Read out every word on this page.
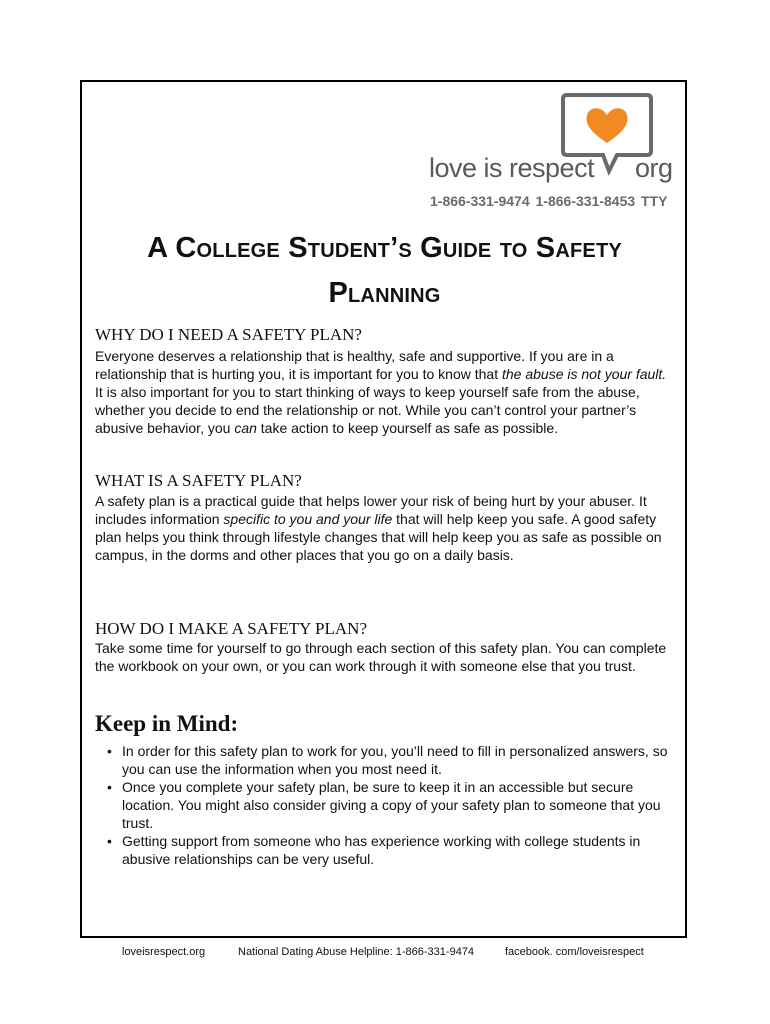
love is respect org
1-866-331-9474 1-866-331-8453 TTY
A College Student’s Guide to Safety
Planning
WHY DO I NEED A SAFETY PLAN?
Everyone deserves a relationship that is healthy, safe and supportive. If you are in a relationship that is hurting you, it is important for you to know that the abuse is not your fault. It is also important for you to start thinking of ways to keep yourself safe from the abuse, whether you decide to end the relationship or not. While you can’t control your partner’s abusive behavior, you can take action to keep yourself as safe as possible.
WHAT IS A SAFETY PLAN?
A safety plan is a practical guide that helps lower your risk of being hurt by your abuser. It includes information specific to you and your life that will help keep you safe. A good safety plan helps you think through lifestyle changes that will help keep you as safe as possible on campus, in the dorms and other places that you go on a daily basis.
HOW DO I MAKE A SAFETY PLAN?
Take some time for yourself to go through each section of this safety plan. You can complete the workbook on your own, or you can work through it with someone else that you trust.
Keep in Mind:
• In order for this safety plan to work for you, you’ll need to fill in personalized answers, so you can use the information when you most need it.
• Once you complete your safety plan, be sure to keep it in an accessible but secure location. You might also consider giving a copy of your safety plan to someone that you trust.
• Getting support from someone who has experience working with college students in abusive relationships can be very useful.
loveisrespect.org	National Dating Abuse Helpline: 1-866-331-9474	facebook. com/loveisrespect
